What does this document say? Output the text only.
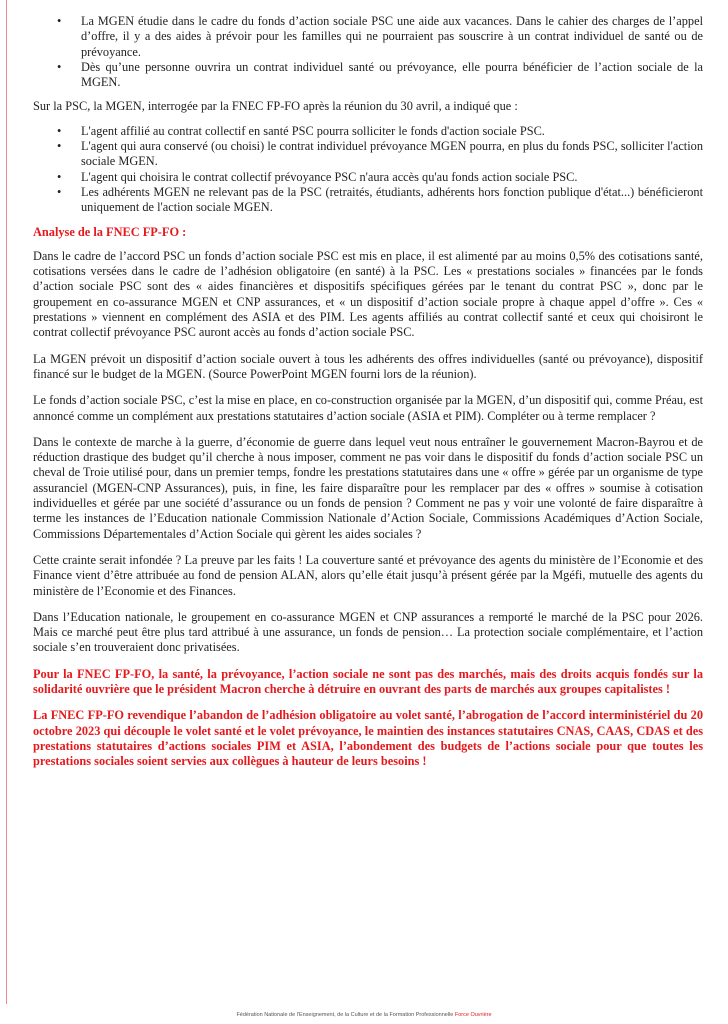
• La MGEN étudie dans le cadre du fonds d’action sociale PSC une aide aux vacances. Dans le cahier des charges de l’appel d’offre, il y a des aides à prévoir pour les familles qui ne pourraient pas souscrire à un contrat individuel de santé ou de prévoyance.
• Dès qu’une personne ouvrira un contrat individuel santé ou prévoyance, elle pourra bénéficier de l’action sociale de la MGEN.

Sur la PSC, la MGEN, interrogée par la FNEC FP-FO après la réunion du 30 avril, a indiqué que :

• L'agent affilié au contrat collectif en santé PSC pourra solliciter le fonds d'action sociale PSC.
• L'agent qui aura conservé (ou choisi) le contrat individuel prévoyance MGEN pourra, en plus du fonds PSC, solliciter l'action sociale MGEN.
• L'agent qui choisira le contrat collectif prévoyance PSC n'aura accès qu'au fonds action sociale PSC.
• Les adhérents MGEN ne relevant pas de la PSC (retraités, étudiants, adhérents hors fonction publique d'état...) bénéficieront uniquement de l'action sociale MGEN.

Analyse de la FNEC FP-FO :

Dans le cadre de l’accord PSC un fonds d’action sociale PSC est mis en place, il est alimenté par au moins 0,5% des cotisations santé, cotisations versées dans le cadre de l’adhésion obligatoire (en santé) à la PSC. Les « prestations sociales » financées par le fonds d’action sociale PSC sont des « aides financières et dispositifs spécifiques gérées par le tenant du contrat PSC », donc par le groupement en co-assurance MGEN et CNP assurances, et « un dispositif d’action sociale propre à chaque appel d’offre ». Ces « prestations » viennent en complément des ASIA et des PIM. Les agents affiliés au contrat collectif santé et ceux qui choisiront le contrat collectif prévoyance PSC auront accès au fonds d’action sociale PSC.

La MGEN prévoit un dispositif d’action sociale ouvert à tous les adhérents des offres individuelles (santé ou prévoyance), dispositif financé sur le budget de la MGEN. (Source PowerPoint MGEN fourni lors de la réunion).

Le fonds d’action sociale PSC, c’est la mise en place, en co-construction organisée par la MGEN, d’un dispositif qui, comme Préau, est annoncé comme un complément aux prestations statutaires d’action sociale (ASIA et PIM). Compléter ou à terme remplacer ?

Dans le contexte de marche à la guerre, d’économie de guerre dans lequel veut nous entraîner le gouvernement Macron-Bayrou et de réduction drastique des budget qu’il cherche à nous imposer, comment ne pas voir dans le dispositif du fonds d’action sociale PSC un cheval de Troie utilisé pour, dans un premier temps, fondre les prestations statutaires dans une « offre » gérée par un organisme de type assuranciel (MGEN-CNP Assurances), puis, in fine, les faire disparaître pour les remplacer par des « offres » soumise à cotisation individuelles et gérée par une société d’assurance ou un fonds de pension ? Comment ne pas y voir une volonté de faire disparaître à terme les instances de l’Education nationale Commission Nationale d’Action Sociale, Commissions Académiques d’Action Sociale, Commissions Départementales d’Action Sociale qui gèrent les aides sociales ?

Cette crainte serait infondée ? La preuve par les faits ! La couverture santé et prévoyance des agents du ministère de l’Economie et des Finance vient d’être attribuée au fond de pension ALAN, alors qu’elle était jusqu’à présent gérée par la Mgéfi, mutuelle des agents du ministère de l’Economie et des Finances.

Dans l’Education nationale, le groupement en co-assurance MGEN et CNP assurances a remporté le marché de la PSC pour 2026. Mais ce marché peut être plus tard attribué à une assurance, un fonds de pension… La protection sociale complémentaire, et l’action sociale s’en trouveraient donc privatisées.

Pour la FNEC FP-FO, la santé, la prévoyance, l’action sociale ne sont pas des marchés, mais des droits acquis fondés sur la solidarité ouvrière que le président Macron cherche à détruire en ouvrant des parts de marchés aux groupes capitalistes !

La FNEC FP-FO revendique l’abandon de l’adhésion obligatoire au volet santé, l’abrogation de l’accord interministériel du 20 octobre 2023 qui découple le volet santé et le volet prévoyance, le maintien des instances statutaires CNAS, CAAS, CDAS et des prestations statutaires d’actions sociales PIM et ASIA, l’abondement des budgets de l’actions sociale pour que toutes les prestations sociales soient servies aux collègues à hauteur de leurs besoins !

Fédération Nationale de l'Enseignement, de la Culture et de la Formation Professionnelle Force Ouvrière
